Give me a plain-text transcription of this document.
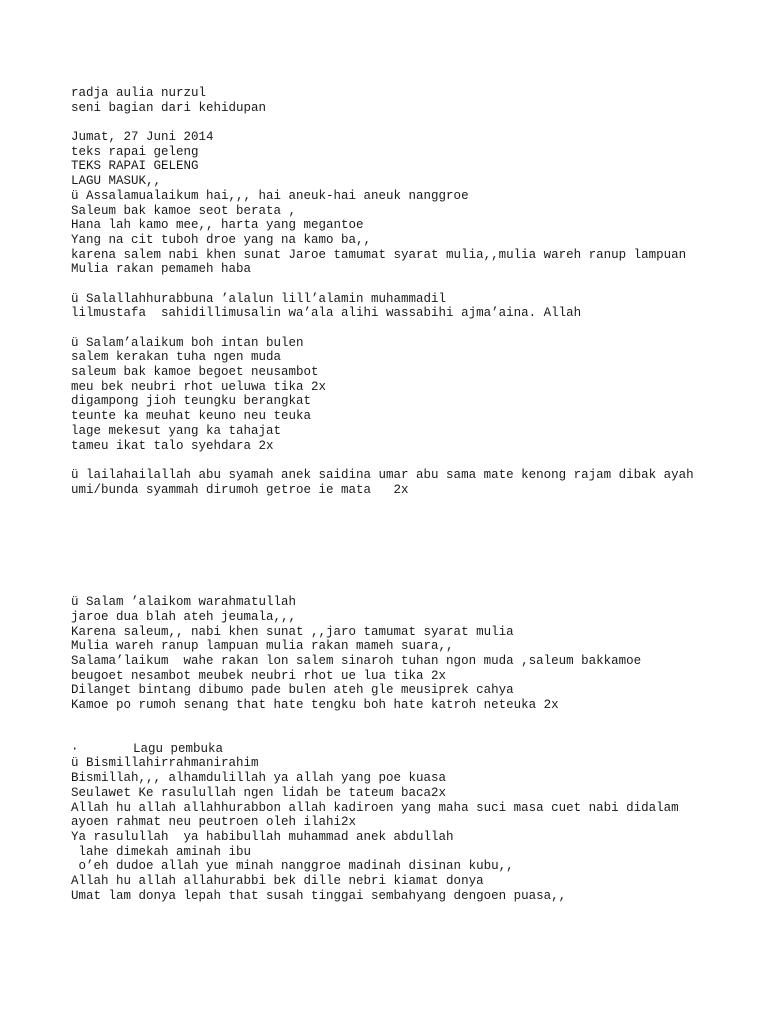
radja aulia nurzul
seni bagian dari kehidupan
Jumat, 27 Juni 2014
teks rapai geleng
TEKS RAPAI GELENG
LAGU MASUK,,
ü Assalamualaikum hai,,, hai aneuk-hai aneuk nanggroe
Saleum bak kamoe seot berata ,
Hana lah kamo mee,, harta yang megantoe
Yang na cit tuboh droe yang na kamo ba,,
karena salem nabi khen sunat Jaroe tamumat syarat mulia,,mulia wareh ranup lampuan
Mulia rakan pemameh haba
ü Salallahhurabbuna ’alalun lill’alamin muhammadil
lilmustafa  sahidillimusalin wa’ala alihi wassabihi ajma’aina. Allah
ü Salam’alaikum boh intan bulen
salem kerakan tuha ngen muda
saleum bak kamoe begoet neusambot
meu bek neubri rhot ueluwa tika 2x
digampong jioh teungku berangkat
teunte ka meuhat keuno neu teuka
lage mekesut yang ka tahajat
tameu ikat talo syehdara 2x
ü lailahailallah abu syamah anek saidina umar abu sama mate kenong rajam dibak ayah
umi/bunda syammah dirumoh getroe ie mata   2x
ü Salam ’alaikom warahmatullah
jaroe dua blah ateh jeumala,,,
Karena saleum,, nabi khen sunat ,,jaro tamumat syarat mulia
Mulia wareh ranup lampuan mulia rakan mameh suara,,
Salama’laikum  wahe rakan lon salem sinaroh tuhan ngon muda ,saleum bakkamoe
beugoet nesambot meubek neubri rhot ue lua tika 2x
Dilanget bintang dibumo pade bulen ateh gle meusiprek cahya
Kamoe po rumoh senang that hate tengku boh hate katroh neteuka 2x
·	Lagu pembuka
ü Bismillahirrahmanirahim
Bismillah,,, alhamdulillah ya allah yang poe kuasa
Seulawet Ke rasulullah ngen lidah be tateum baca2x
Allah hu allah allahhurabbon allah kadiroen yang maha suci masa cuet nabi didalam
ayoen rahmat neu peutroen oleh ilahi2x
Ya rasulullah  ya habibullah muhammad anek abdullah
lahe dimekah aminah ibu
o’eh dudoe allah yue minah nanggroe madinah disinan kubu,,
Allah hu allah allahurabbi bek dille nebri kiamat donya
Umat lam donya lepah that susah tinggai sembahyang dengoen puasa,,
